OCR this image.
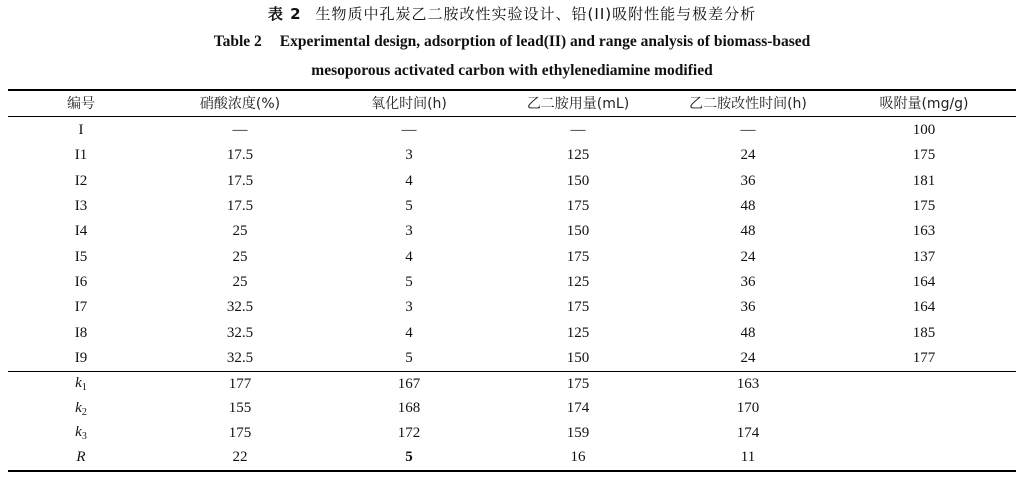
表 2 生物质中孔炭乙二胺改性实验设计、铅(II)吸附性能与极差分析
Table 2 Experimental design, adsorption of lead(II) and range analysis of biomass-based
mesoporous activated carbon with ethylenediamine modified
编号	硝酸浓度(%)	氧化时间(h)	乙二胺用量(mL)	乙二胺改性时间(h)	吸附量(mg/g)
I	—	—	—	—	100
I1	17.5	3	125	24	175
I2	17.5	4	150	36	181
I3	17.5	5	175	48	175
I4	25	3	150	48	163
I5	25	4	175	24	137
I6	25	5	125	36	164
I7	32.5	3	175	36	164
I8	32.5	4	125	48	185
I9	32.5	5	150	24	177
$k_1$	177	167	175	163	
$k_2$	155	168	174	170	
$k_3$	175	172	159	174	
R	22	5	16	11	
